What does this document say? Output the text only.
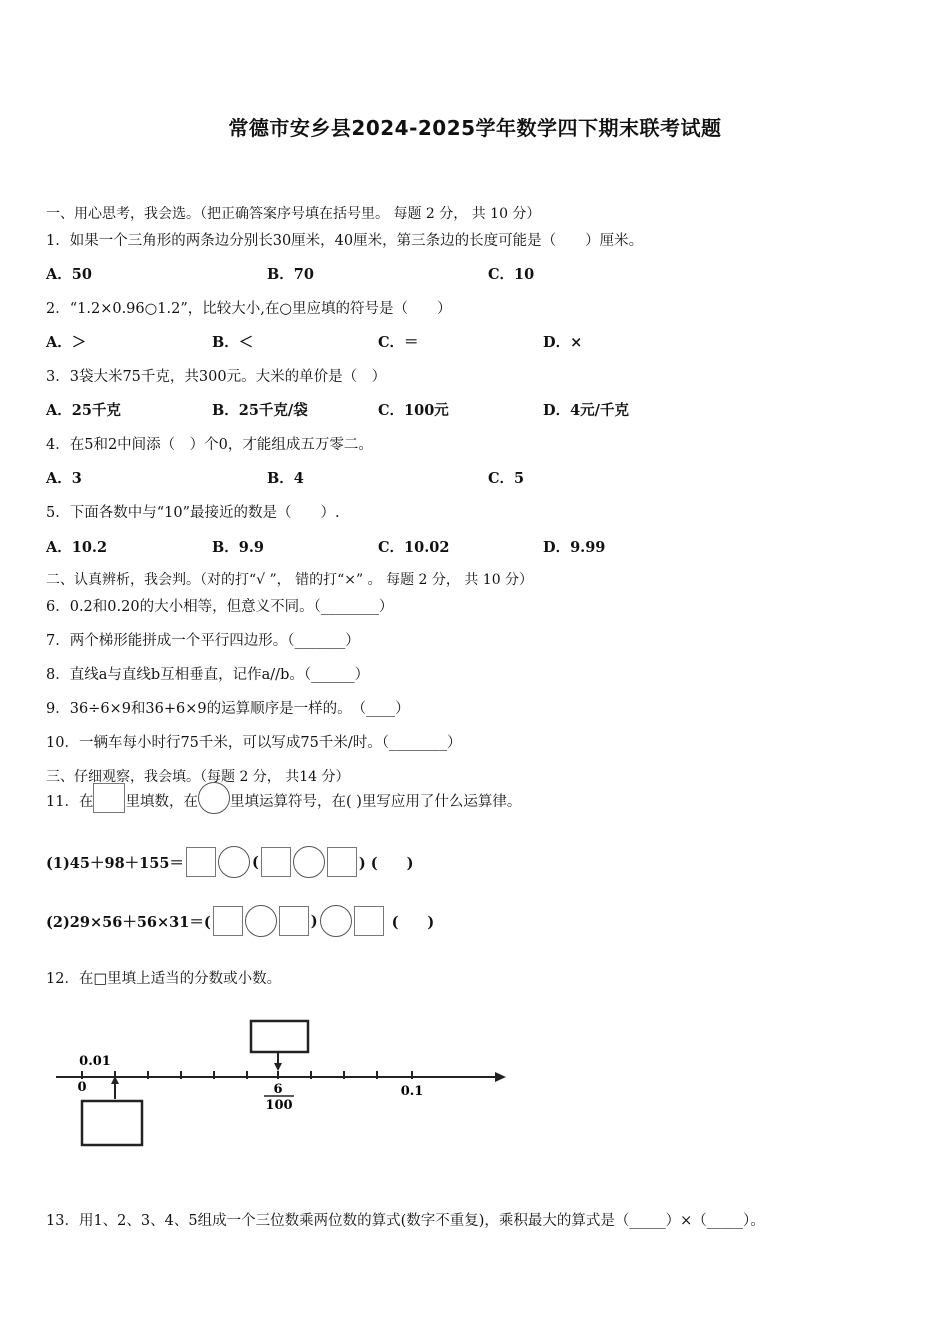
常德市安乡县2024-2025学年数学四下期末联考试题
一、用心思考，我会选。（把正确答案序号填在括号里。 每题 2 分， 共 10 分）
1．如果一个三角形的两条边分别长30厘米，40厘米，第三条边的长度可能是（　　）厘米。
A．50	B．70	C．10
2．“1.2×0.96○1.2”，比较大小,在○里应填的符号是（　　）
A．＞	B．＜	C．＝	D．×
3．3袋大米75千克，共300元。大米的单价是（　）
A．25千克	B．25千克/袋	C．100元	D．4元/千克
4．在5和2中间添（　）个0，才能组成五万零二。
A．3	B．4	C．5
5．下面各数中与“10”最接近的数是（　　）.
A．10.2	B．9.9	C．10.02	D．9.99
二、认真辨析，我会判。（对的打“√ ”， 错的打“×” 。 每题 2 分， 共 10 分）
6．0.2和0.20的大小相等，但意义不同。（________）
7．两个梯形能拼成一个平行四边形。（_______）
8．直线a与直线b互相垂直，记作a//b。（______）
9．36÷6×9和36+6×9的运算顺序是一样的。　（____）
10．一辆车每小时行75千米，可以写成75千米/时。（________）
三、仔细观察，我会填。（每题 2 分， 共14 分）
11．在 里填数，在 里填运算符号，在( )里写应用了什么运算律。
(1)45＋98＋155＝	(	) (　　)
(2)29×56＋56×31＝(	)	(　　)
12．在□里填上适当的分数或小数。
0.01
0	6
100
0.1
13．用1、2、3、4、5组成一个三位数乘两位数的算式(数字不重复)，乘积最大的算式是（_____）×（_____）。
